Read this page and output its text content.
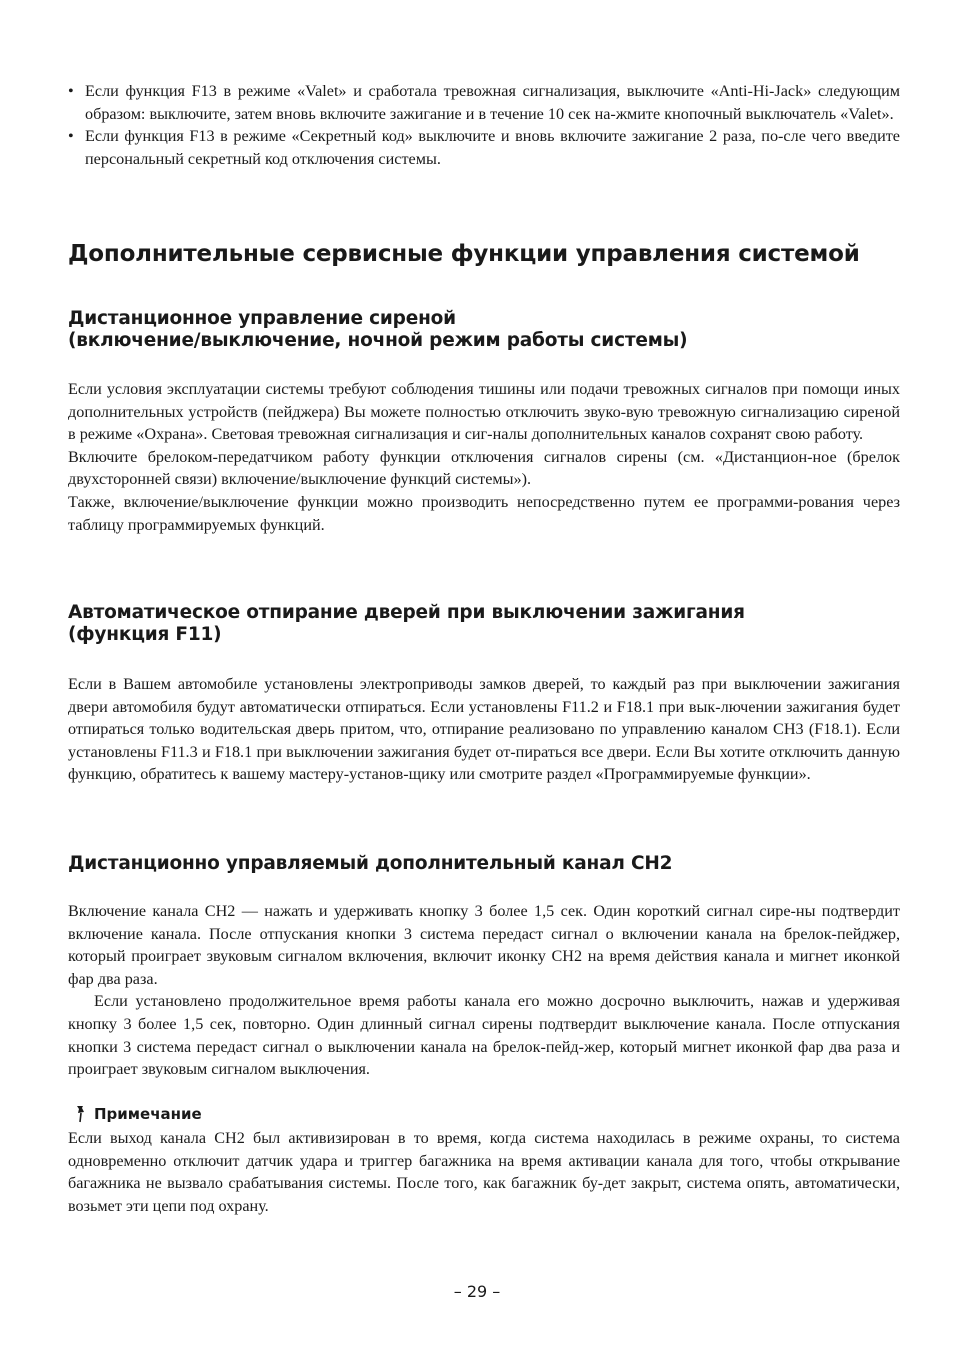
• Если функция F13 в режиме «Valet» и сработала тревожная сигнализация, выключите «Anti-Hi-Jack» следующим образом: выключите, затем вновь включите зажигание и в течение 10 сек на-жмите кнопочный выключатель «Valet».
• Если функция F13 в режиме «Секретный код» выключите и вновь включите зажигание 2 раза, по-сле чего введите персональный секретный код отключения системы.
Дополнительные сервисные функции управления системой
Дистанционное управление сиреной
(включение/выключение, ночной режим работы системы)

Если условия эксплуатации системы требуют соблюдения тишины или подачи тревожных сигналов при помощи иных дополнительных устройств (пейджера) Вы можете полностью отключить звуко-вую тревожную сигнализацию сиреной в режиме «Охрана». Световая тревожная сигнализация и сиг-налы дополнительных каналов сохранят свою работу.

Включите брелоком-передатчиком работу функции отключения сигналов сирены (см. «Дистанцион-ное (брелок двухсторонней связи) включение/выключение функций системы»).

Также, включение/выключение функции можно производить непосредственно путем ее программи-рования через таблицу программируемых функций.

Автоматическое отпирание дверей при выключении зажигания
(функция F11)

Если в Вашем автомобиле установлены электроприводы замков дверей, то каждый раз при выключении зажигания двери автомобиля будут автоматически отпираться. Если установлены F11.2 и F18.1 при вык-лючении зажигания будет отпираться только водительская дверь притом, что, отпирание реализовано по управлению каналом CH3 (F18.1). Если установлены F11.3 и F18.1 при выключении зажигания будет от-пираться все двери. Если Вы хотите отключить данную функцию, обратитесь к вашему мастеру-установ-щику или смотрите раздел «Программируемые функции».

Дистанционно управляемый дополнительный канал CH2

Включение канала CH2 — нажать и удерживать кнопку 3 более 1,5 сек. Один короткий сигнал сире-ны подтвердит включение канала. После отпускания кнопки 3 система передаст сигнал о включении канала на брелок-пейджер, который проиграет звуковым сигналом включения, включит иконку CH2 на время действия канала и мигнет иконкой фар два раза.

Если установлено продолжительное время работы канала его можно досрочно выключить, нажав и удерживая кнопку 3 более 1,5 сек, повторно. Один длинный сигнал сирены подтвердит выключение канала. После отпускания кнопки 3 система передаст сигнал о выключении канала на брелок-пейд-жер, который мигнет иконкой фар два раза и проиграет звуковым сигналом выключения.

Примечание

Если выход канала CH2 был активизирован в то время, когда система находилась в режиме охраны, то система одновременно отключит датчик удара и триггер багажника на время активации канала для того, чтобы открывание багажника не вызвало срабатывания системы. После того, как багажник бу-дет закрыт, система опять, автоматически, возьмет эти цепи под охрану.

– 29 –
